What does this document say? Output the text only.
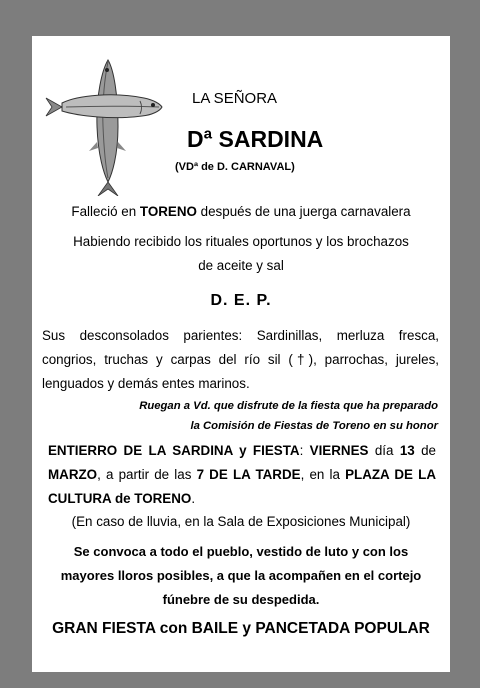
LA SEÑORA
Dª SARDINA
(VDª de D. CARNAVAL)
Falleció en TORENO después de una juerga carnavalera
Habiendo recibido los rituales oportunos y los brochazos
de aceite y sal
D. E. P.
Sus desconsolados parientes: Sardinillas, merluza fresca,
congrios, truchas y carpas del río sil (†), parrochas, jureles,
lenguados y demás entes marinos.
Ruegan a Vd. que disfrute de la fiesta que ha preparado
la Comisión de Fiestas de Toreno en su honor
ENTIERRO DE LA SARDINA y FIESTA: VIERNES día 13 de
MARZO, a partir de las 7 DE LA TARDE, en la PLAZA DE LA
CULTURA de TORENO.
(En caso de lluvia, en la Sala de Exposiciones Municipal)
Se convoca a todo el pueblo, vestido de luto y con los
mayores lloros posibles, a que la acompañen en el cortejo
fúnebre de su despedida.
GRAN FIESTA con BAILE y PANCETADA POPULAR
